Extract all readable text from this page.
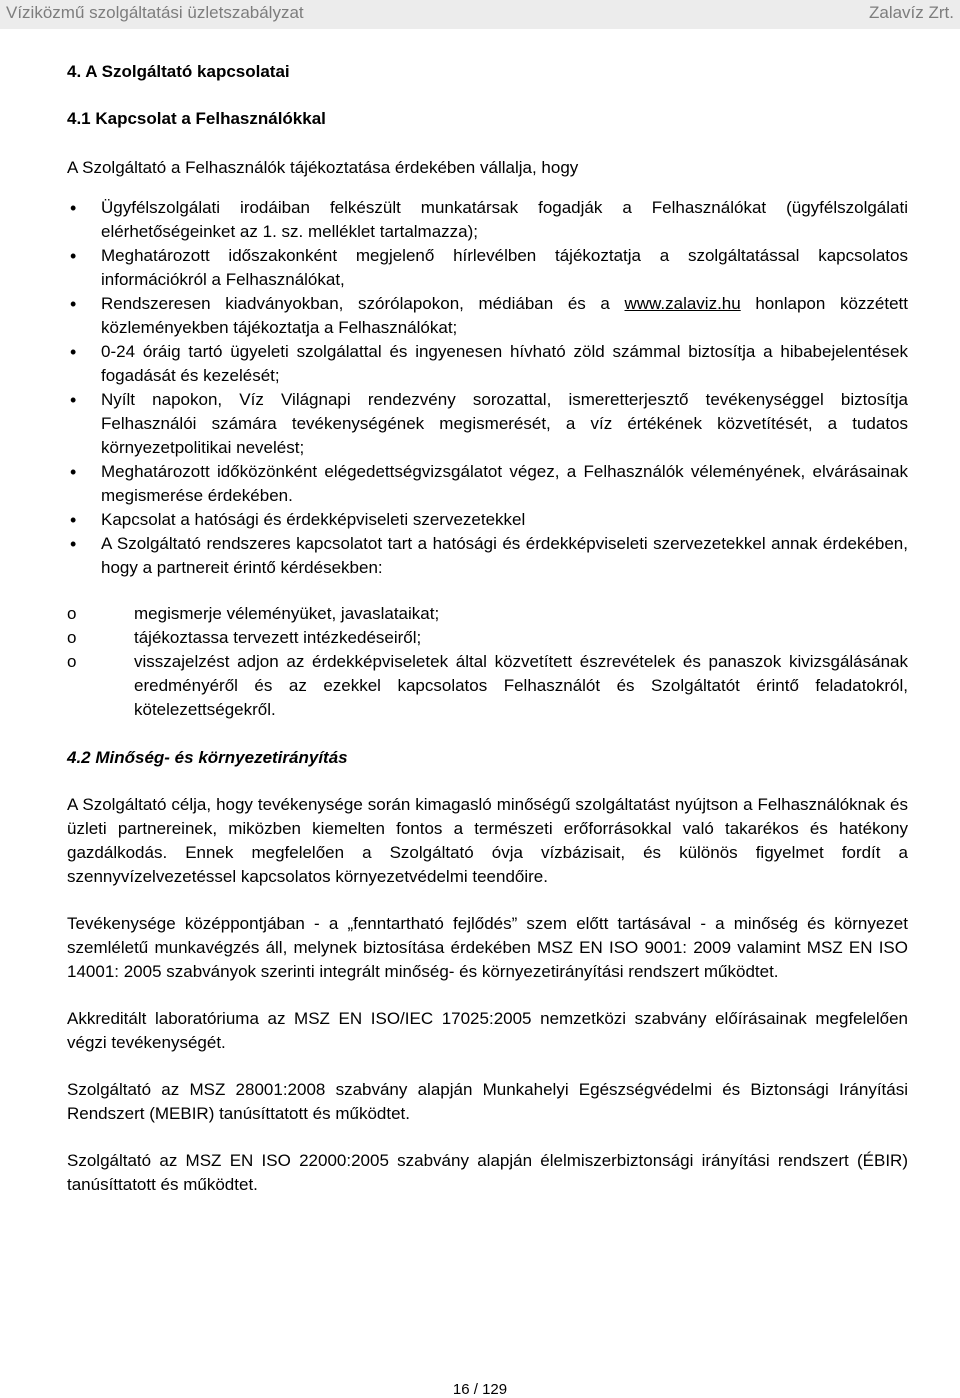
Víziközmű szolgáltatási üzletszabályzat	Zalavíz Zrt.
4. A Szolgáltató kapcsolatai
4.1 Kapcsolat a Felhasználókkal

A Szolgáltató a Felhasználók tájékoztatása érdekében vállalja, hogy

• Ügyfélszolgálati irodáiban felkészült munkatársak fogadják a Felhasználókat (ügyfélszolgálati elérhetőségeinket az 1. sz. melléklet tartalmazza);
• Meghatározott időszakonként megjelenő hírlevélben tájékoztatja a szolgáltatással kapcsolatos információkról a Felhasználókat,
• Rendszeresen kiadványokban, szórólapokon, médiában és a www.zalaviz.hu honlapon közzétett közleményekben tájékoztatja a Felhasználókat;
• 0-24 óráig tartó ügyeleti szolgálattal és ingyenesen hívható zöld számmal biztosítja a hibabejelentések fogadását és kezelését;
• Nyílt napokon, Víz Világnapi rendezvény sorozattal, ismeretterjesztő tevékenységgel biztosítja Felhasználói számára tevékenységének megismerését, a víz értékének közvetítését, a tudatos környezetpolitikai nevelést;
• Meghatározott időközönként elégedettségvizsgálatot végez, a Felhasználók véleményének, elvárásainak megismerése érdekében.
• Kapcsolat a hatósági és érdekképviseleti szervezetekkel
• A Szolgáltató rendszeres kapcsolatot tart a hatósági és érdekképviseleti szervezetekkel annak érdekében, hogy a partnereit érintő kérdésekben:
o	megismerje véleményüket, javaslataikat;
o	tájékoztassa tervezett intézkedéseiről;
o	visszajelzést adjon az érdekképviseletek által közvetített észrevételek és panaszok kivizsgálásának eredményéről és az ezekkel kapcsolatos Felhasználót és Szolgáltatót érintő feladatokról, kötelezettségekről.
4.2 Minőség- és környezetirányítás

A Szolgáltató célja, hogy tevékenysége során kimagasló minőségű szolgáltatást nyújtson a Felhasználóknak és üzleti partnereinek, miközben kiemelten fontos a természeti erőforrásokkal való takarékos és hatékony gazdálkodás. Ennek megfelelően a Szolgáltató óvja vízbázisait, és különös figyelmet fordít a szennyvízelvezetéssel kapcsolatos környezetvédelmi teendőire.

Tevékenysége középpontjában - a „fenntartható fejlődés” szem előtt tartásával - a minőség és környezet szemléletű munkavégzés áll, melynek biztosítása érdekében MSZ EN ISO 9001: 2009 valamint MSZ EN ISO 14001: 2005 szabványok szerinti integrált minőség- és környezetirányítási rendszert működtet.

Akkreditált laboratóriuma az MSZ EN ISO/IEC 17025:2005 nemzetközi szabvány előírásainak megfelelően végzi tevékenységét.

Szolgáltató az MSZ 28001:2008 szabvány alapján Munkahelyi Egészségvédelmi és Biztonsági Irányítási Rendszert (MEBIR) tanúsíttatott és működtet.

Szolgáltató az MSZ EN ISO 22000:2005 szabvány alapján élelmiszerbiztonsági irányítási rendszert (ÉBIR) tanúsíttatott és működtet.

16 / 129
